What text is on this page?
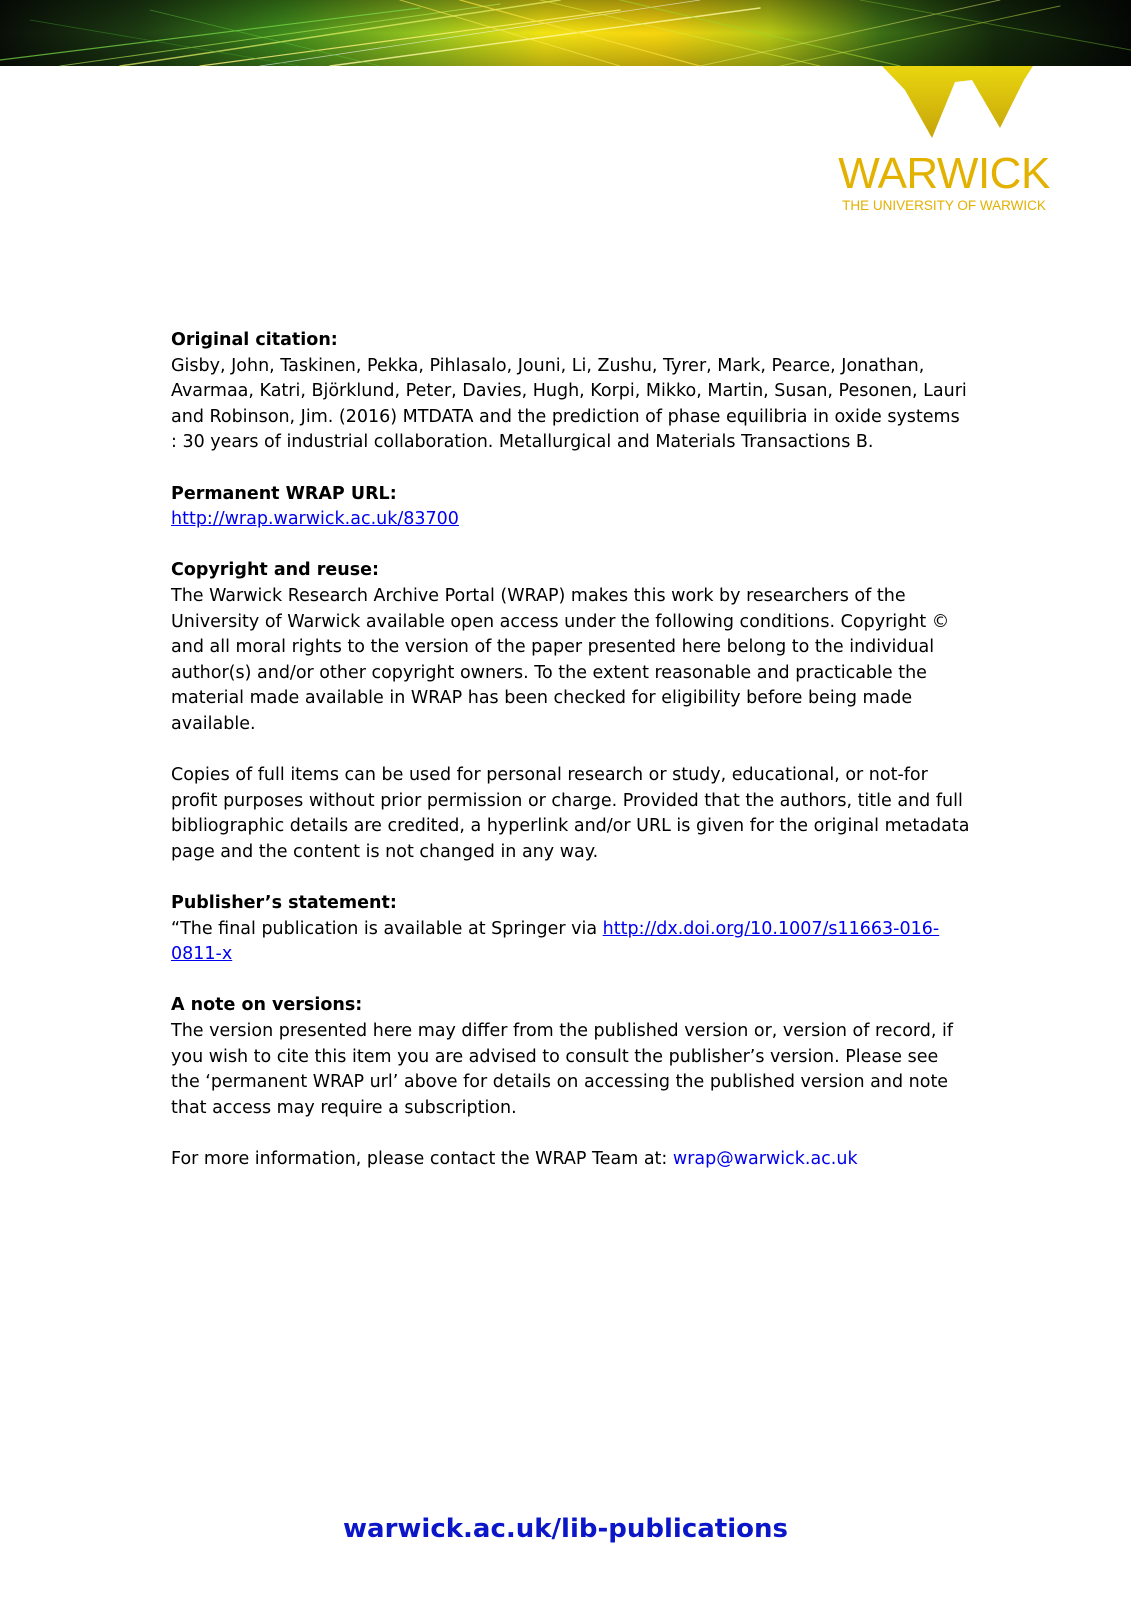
WARWICK
THE UNIVERSITY OF WARWICK
Original citation:

Gisby, John, Taskinen, Pekka, Pihlasalo, Jouni, Li, Zushu, Tyrer, Mark, Pearce, Jonathan, Avarmaa, Katri, Björklund, Peter, Davies, Hugh, Korpi, Mikko, Martin, Susan, Pesonen, Lauri and Robinson, Jim. (2016) MTDATA and the prediction of phase equilibria in oxide systems : 30 years of industrial collaboration. Metallurgical and Materials Transactions B.

Permanent WRAP URL:
http://wrap.warwick.ac.uk/83700
Copyright and reuse:

The Warwick Research Archive Portal (WRAP) makes this work by researchers of the University of Warwick available open access under the following conditions. Copyright © and all moral rights to the version of the paper presented here belong to the individual author(s) and/or other copyright owners. To the extent reasonable and practicable the material made available in WRAP has been checked for eligibility before being made available.

Copies of full items can be used for personal research or study, educational, or not-for profit purposes without prior permission or charge. Provided that the authors, title and full bibliographic details are credited, a hyperlink and/or URL is given for the original metadata page and the content is not changed in any way.

Publisher’s statement:

“The final publication is available at Springer via http://dx.doi.org/10.1007/s11663-016-0811-x

A note on versions:

The version presented here may differ from the published version or, version of record, if you wish to cite this item you are advised to consult the publisher’s version. Please see the ‘permanent WRAP url’ above for details on accessing the published version and note that access may require a subscription.

For more information, please contact the WRAP Team at: wrap@warwick.ac.uk

warwick.ac.uk/lib-publications
